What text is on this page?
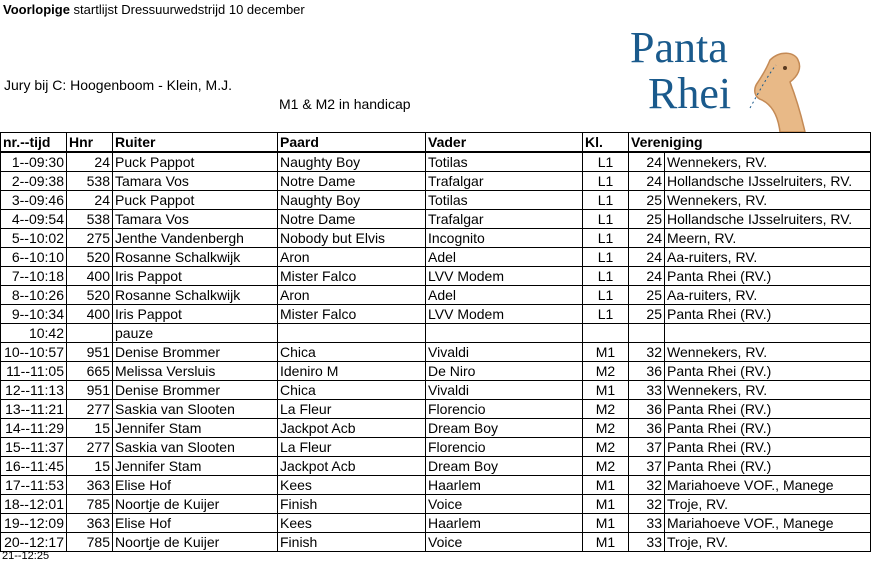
Voorlopige startlijst Dressuurwedstrijd 10 december
Jury bij C: Hoogenboom - Klein, M.J.
M1 & M2 in handicap
Panta
Rhei
nr.--tijd	Hnr	Ruiter	Paard	Vader	Kl.	Vereniging	
1--09:30	24	Puck Pappot	Naughty Boy	Totilas	L1	24	Wennekers, RV.
2--09:38	538	Tamara Vos	Notre Dame	Trafalgar	L1	24	Hollandsche IJsselruiters, RV.
3--09:46	24	Puck Pappot	Naughty Boy	Totilas	L1	25	Wennekers, RV.
4--09:54	538	Tamara Vos	Notre Dame	Trafalgar	L1	25	Hollandsche IJsselruiters, RV.
5--10:02	275	Jenthe Vandenbergh	Nobody but Elvis	Incognito	L1	24	Meern, RV.
6--10:10	520	Rosanne Schalkwijk	Aron	Adel	L1	24	Aa-ruiters, RV.
7--10:18	400	Iris Pappot	Mister Falco	LVV Modem	L1	24	Panta Rhei (RV.)
8--10:26	520	Rosanne Schalkwijk	Aron	Adel	L1	25	Aa-ruiters, RV.
9--10:34	400	Iris Pappot	Mister Falco	LVV Modem	L1	25	Panta Rhei (RV.)
10:42		pauze					
10--10:57	951	Denise Brommer	Chica	Vivaldi	M1	32	Wennekers, RV.
11--11:05	665	Melissa Versluis	Ideniro M	De Niro	M2	36	Panta Rhei (RV.)
12--11:13	951	Denise Brommer	Chica	Vivaldi	M1	33	Wennekers, RV.
13--11:21	277	Saskia van Slooten	La Fleur	Florencio	M2	36	Panta Rhei (RV.)
14--11:29	15	Jennifer Stam	Jackpot Acb	Dream Boy	M2	36	Panta Rhei (RV.)
15--11:37	277	Saskia van Slooten	La Fleur	Florencio	M2	37	Panta Rhei (RV.)
16--11:45	15	Jennifer Stam	Jackpot Acb	Dream Boy	M2	37	Panta Rhei (RV.)
17--11:53	363	Elise Hof	Kees	Haarlem	M1	32	Mariahoeve VOF., Manege
18--12:01	785	Noortje de Kuijer	Finish	Voice	M1	32	Troje, RV.
19--12:09	363	Elise Hof	Kees	Haarlem	M1	33	Mariahoeve VOF., Manege
20--12:17	785	Noortje de Kuijer	Finish	Voice	M1	33	Troje, RV.
21--12:25
